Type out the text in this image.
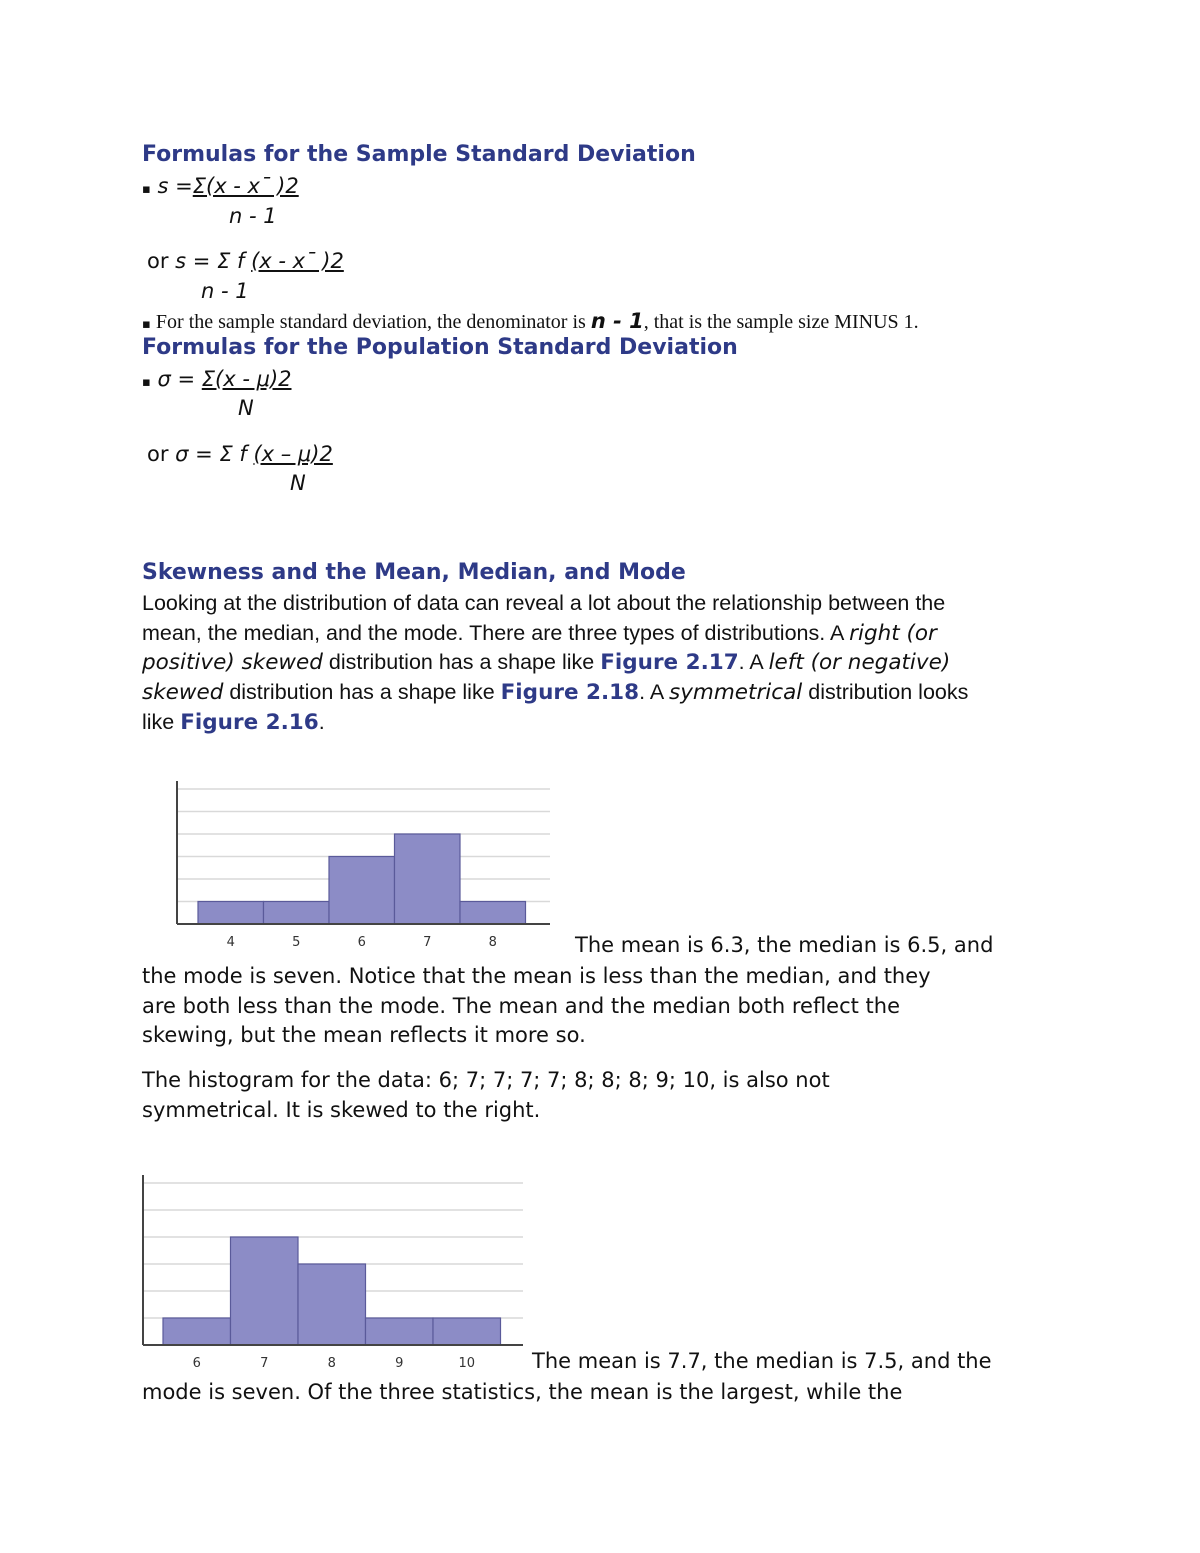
Formulas for the Sample Standard Deviation
▪ s =Σ(x - x¯ )2
n - 1
or s = Σ f (x - x¯ )2
n - 1
▪ For the sample standard deviation, the denominator is n - 1, that is the sample size MINUS 1.
Formulas for the Population Standard Deviation
▪ σ = Σ(x - μ)2
N
or σ = Σ f (x – μ)2
N
Skewness and the Mean, Median, and Mode
Looking at the distribution of data can reveal a lot about the relationship between the
mean, the median, and the mode. There are three types of distributions. A right (or
positive) skewed distribution has a shape like Figure 2.17. A left (or negative)
skewed distribution has a shape like Figure 2.18. A symmetrical distribution looks
like Figure 2.16.
4	5	6	7	8	The mean is 6.3, the median is 6.5, and
the mode is seven. Notice that the mean is less than the median, and they
are both less than the mode. The mean and the median both reflect the
skewing, but the mean reflects it more so.
The histogram for the data: 6; 7; 7; 7; 7; 8; 8; 8; 9; 10, is also not
symmetrical. It is skewed to the right.
6	7	8	9	10	The mean is 7.7, the median is 7.5, and the
mode is seven. Of the three statistics, the mean is the largest, while the
